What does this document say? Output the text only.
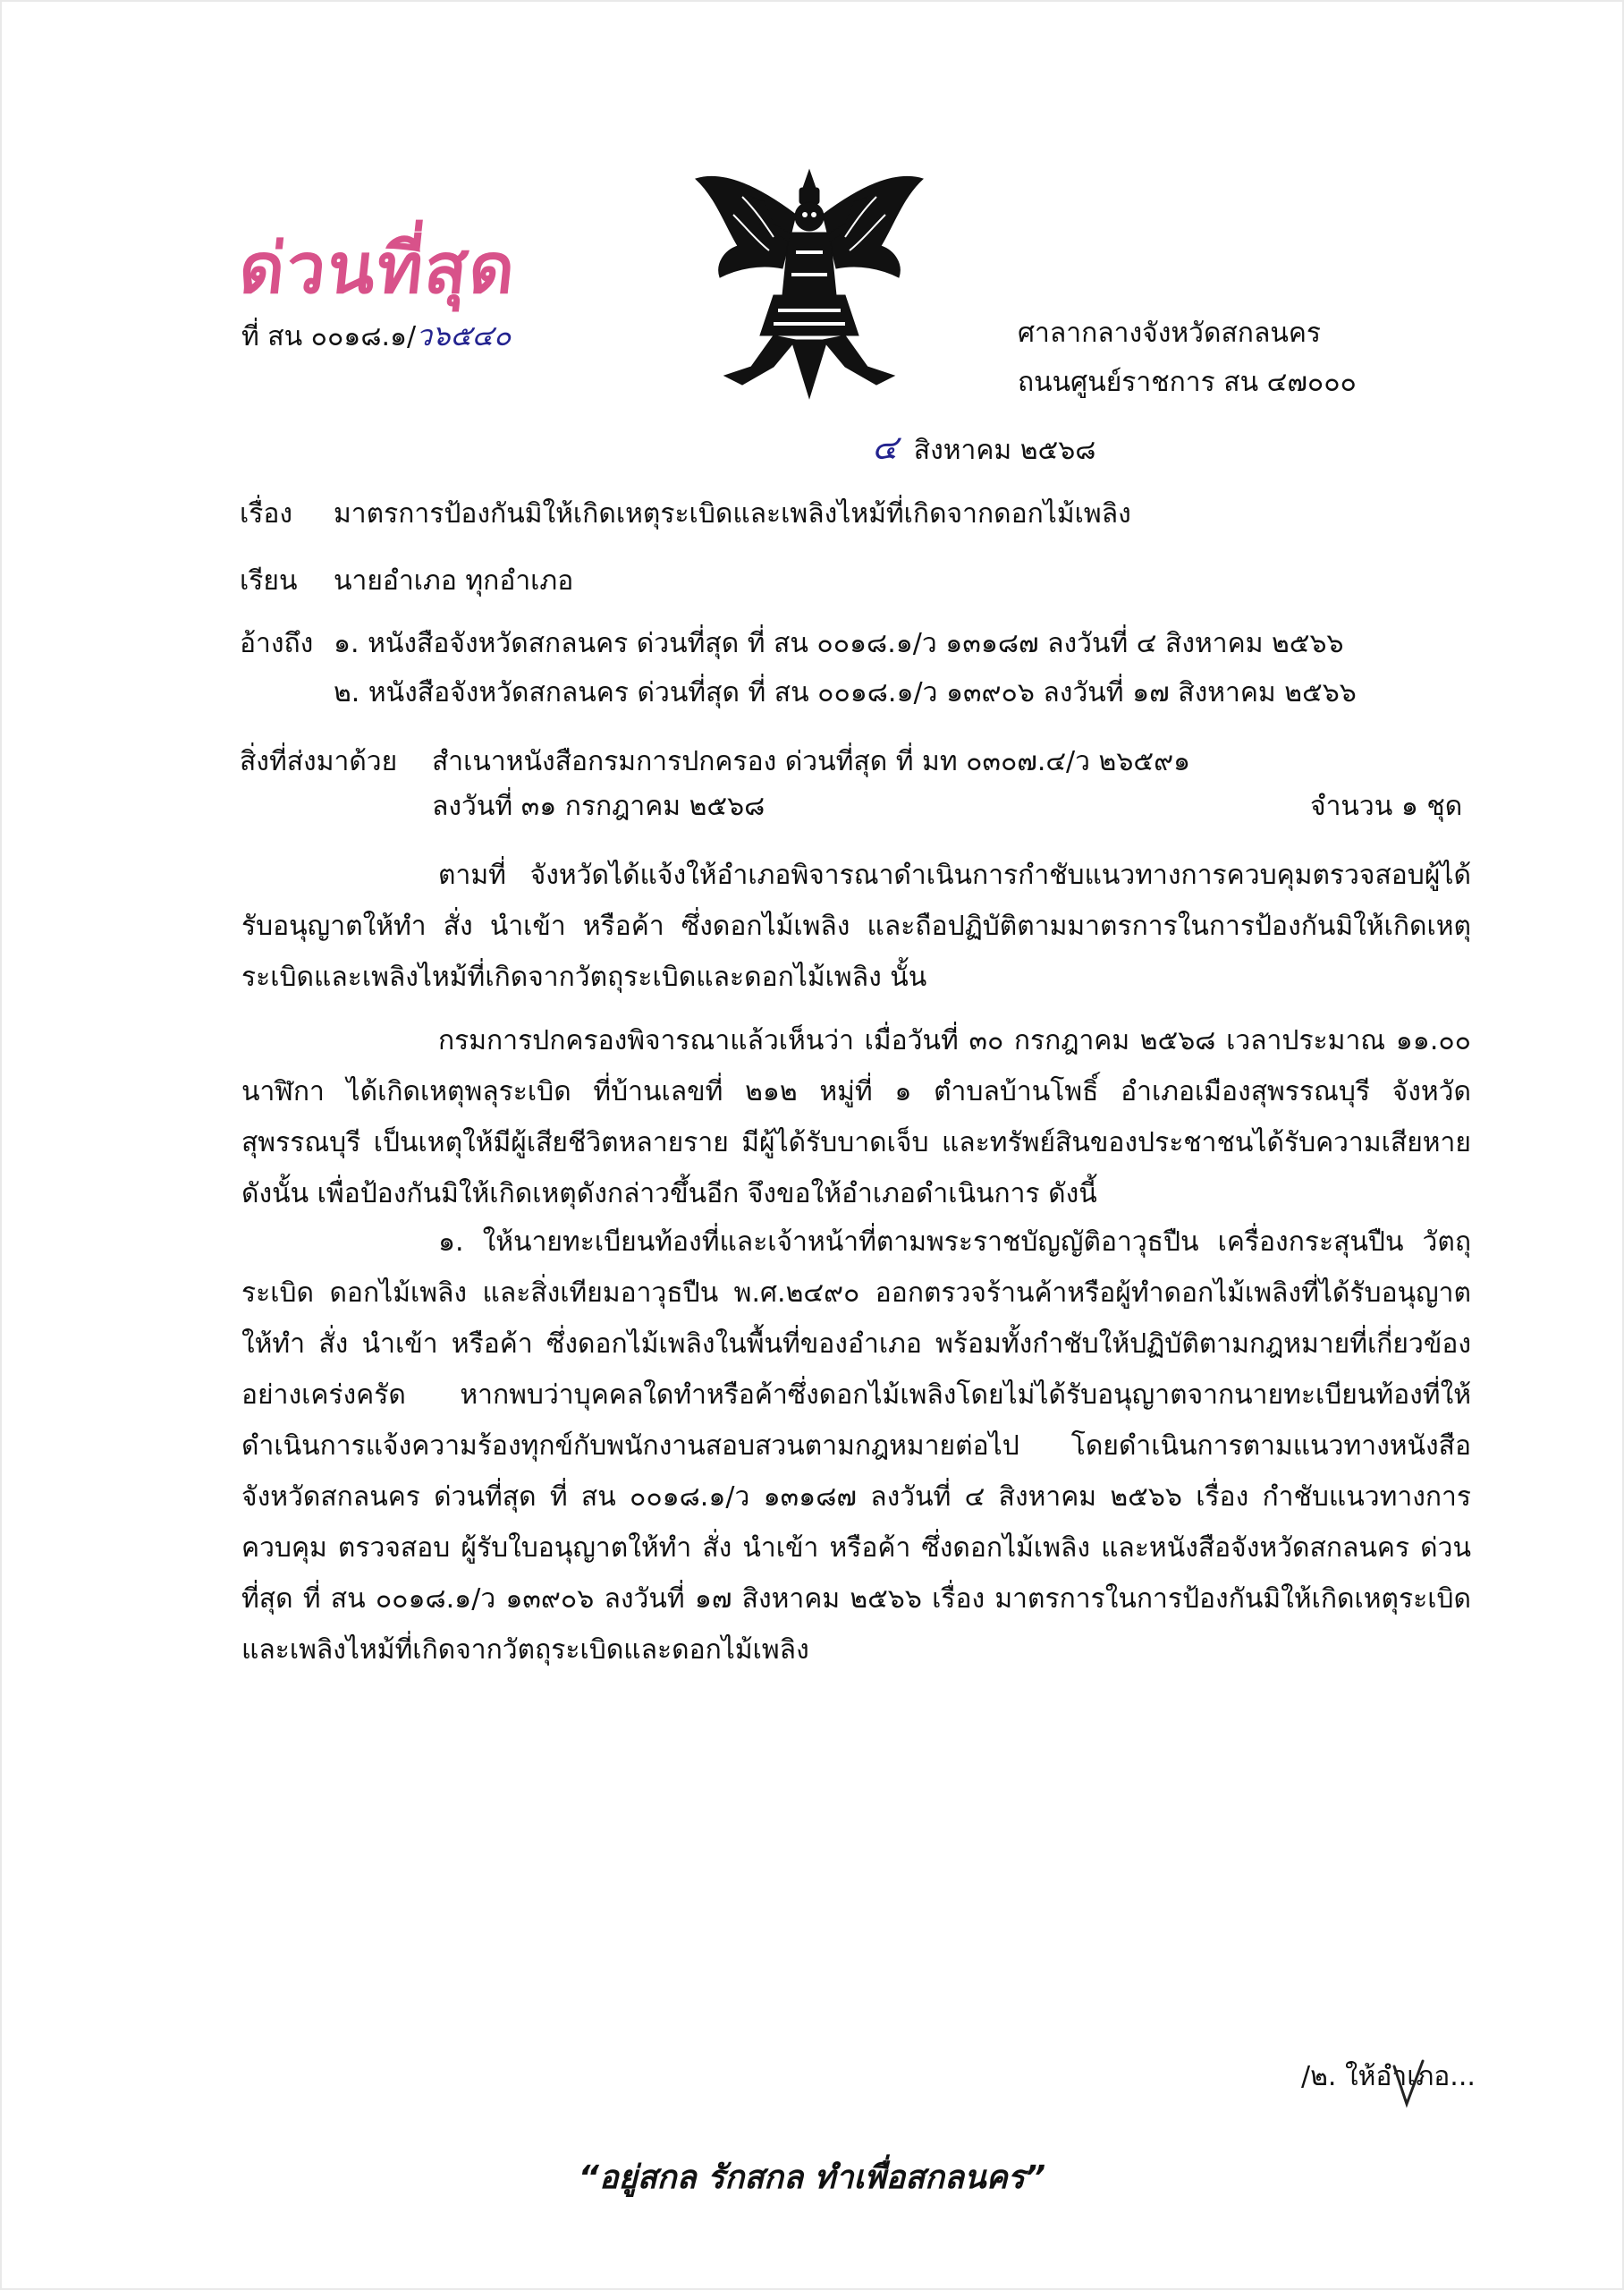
ด่วนที่สุด
ที่ สน ๐๐๑๘.๑/ว๖๕๔๐	ศาลากลางจังหวัดสกลนคร
ถนนศูนย์ราชการ สน ๔๗๐๐๐
๔ สิงหาคม ๒๕๖๘
เรื่อง มาตรการป้องกันมิให้เกิดเหตุระเบิดและเพลิงไหม้ที่เกิดจากดอกไม้เพลิง
เรียน นายอำเภอ ทุกอำเภอ
อ้างถึง ๑. หนังสือจังหวัดสกลนคร ด่วนที่สุด ที่ สน ๐๐๑๘.๑/ว ๑๓๑๘๗ ลงวันที่ ๔ สิงหาคม ๒๕๖๖
๒. หนังสือจังหวัดสกลนคร ด่วนที่สุด ที่ สน ๐๐๑๘.๑/ว ๑๓๙๐๖ ลงวันที่ ๑๗ สิงหาคม ๒๕๖๖
สิ่งที่ส่งมาด้วย สำเนาหนังสือกรมการปกครอง ด่วนที่สุด ที่ มท ๐๓๐๗.๔/ว ๒๖๕๙๑
ลงวันที่ ๓๑ กรกฎาคม ๒๕๖๘	จำนวน ๑ ชุด
ตามที่ จังหวัดได้แจ้งให้อำเภอพิจารณาดำเนินการกำชับแนวทางการควบคุมตรวจสอบผู้ได้รับอนุญาตให้ทำ สั่ง นำเข้า หรือค้า ซึ่งดอกไม้เพลิง และถือปฏิบัติตามมาตรการในการป้องกันมิให้เกิดเหตุระเบิดและเพลิงไหม้ที่เกิดจากวัตถุระเบิดและดอกไม้เพลิง นั้น
กรมการปกครองพิจารณาแล้วเห็นว่า เมื่อวันที่ ๓๐ กรกฎาคม ๒๕๖๘ เวลาประมาณ ๑๑.๐๐ นาฬิกา ได้เกิดเหตุพลุระเบิด ที่บ้านเลขที่ ๒๑๒ หมู่ที่ ๑ ตำบลบ้านโพธิ์ อำเภอเมืองสุพรรณบุรี จังหวัดสุพรรณบุรี เป็นเหตุให้มีผู้เสียชีวิตหลายราย มีผู้ได้รับบาดเจ็บ และทรัพย์สินของประชาชนได้รับความเสียหาย ดังนั้น เพื่อป้องกันมิให้เกิดเหตุดังกล่าวขึ้นอีก จึงขอให้อำเภอดำเนินการ ดังนี้
๑. ให้นายทะเบียนท้องที่และเจ้าหน้าที่ตามพระราชบัญญัติอาวุธปืน เครื่องกระสุนปืน วัตถุระเบิด ดอกไม้เพลิง และสิ่งเทียมอาวุธปืน พ.ศ.๒๔๙๐ ออกตรวจร้านค้าหรือผู้ทำดอกไม้เพลิงที่ได้รับอนุญาตให้ทำ สั่ง นำเข้า หรือค้า ซึ่งดอกไม้เพลิงในพื้นที่ของอำเภอ พร้อมทั้งกำชับให้ปฏิบัติตามกฎหมายที่เกี่ยวข้องอย่างเคร่งครัด หากพบว่าบุคคลใดทำหรือค้าซึ่งดอกไม้เพลิงโดยไม่ได้รับอนุญาตจากนายทะเบียนท้องที่ให้ดำเนินการแจ้งความร้องทุกข์กับพนักงานสอบสวนตามกฎหมายต่อไป โดยดำเนินการตามแนวทางหนังสือจังหวัดสกลนคร ด่วนที่สุด ที่ สน ๐๐๑๘.๑/ว ๑๓๑๘๗ ลงวันที่ ๔ สิงหาคม ๒๕๖๖ เรื่อง กำชับแนวทางการควบคุม ตรวจสอบ ผู้รับใบอนุญาตให้ทำ สั่ง นำเข้า หรือค้า ซึ่งดอกไม้เพลิง และหนังสือจังหวัดสกลนคร ด่วนที่สุด ที่ สน ๐๐๑๘.๑/ว ๑๓๙๐๖ ลงวันที่ ๑๗ สิงหาคม ๒๕๖๖ เรื่อง มาตรการในการป้องกันมิให้เกิดเหตุระเบิดและเพลิงไหม้ที่เกิดจากวัตถุระเบิดและดอกไม้เพลิง
/๒. ให้อำเภอ...
“อยู่สกล รักสกล ทำเพื่อสกลนคร”
